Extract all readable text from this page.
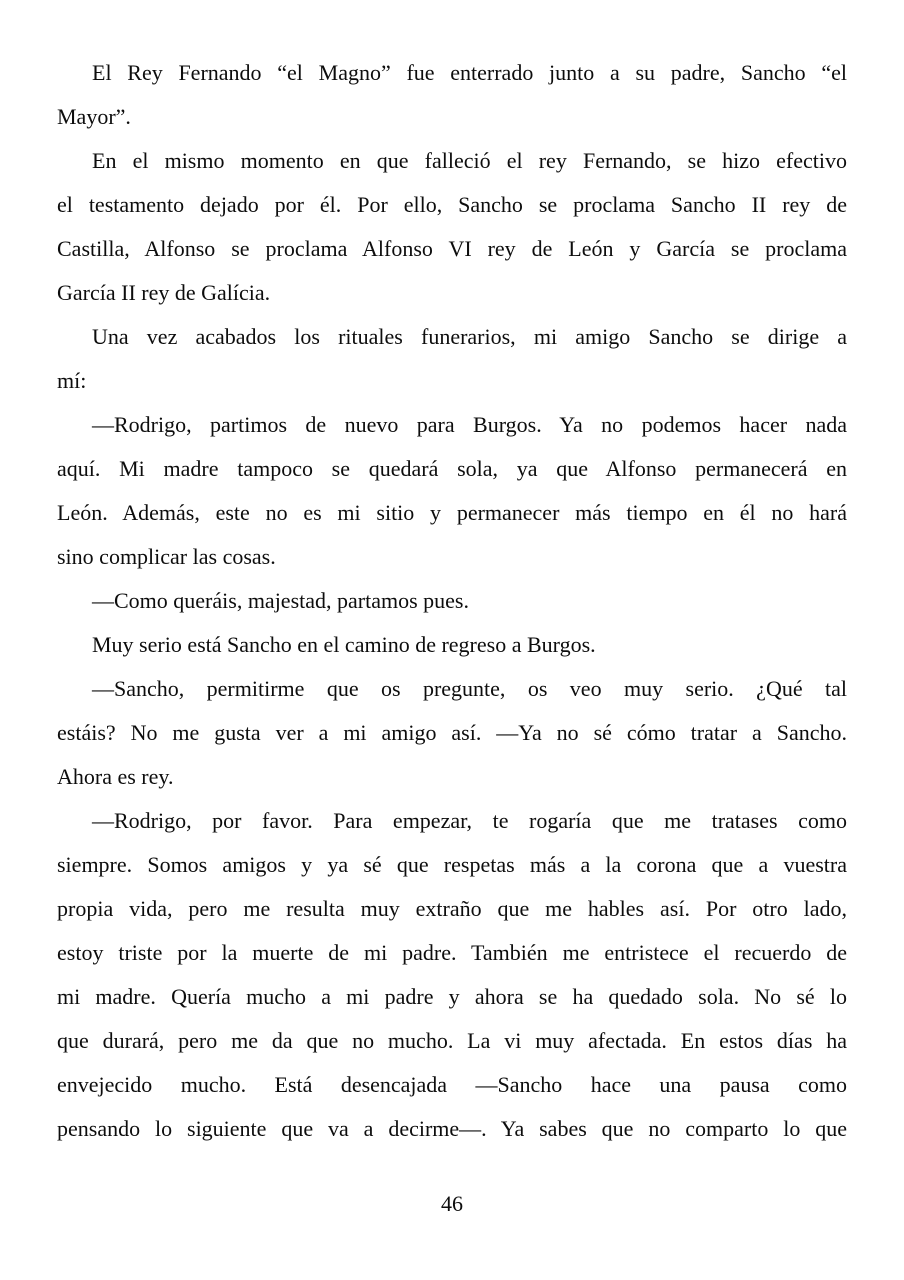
El Rey Fernando “el Magno” fue enterrado junto a su padre, Sancho “el
Mayor”.
En el mismo momento en que falleció el rey Fernando, se hizo efectivo
el testamento dejado por él. Por ello, Sancho se proclama Sancho II rey de
Castilla, Alfonso se proclama Alfonso VI rey de León y García se proclama
García II rey de Galícia.
Una vez acabados los rituales funerarios, mi amigo Sancho se dirige a
mí:
—Rodrigo, partimos de nuevo para Burgos. Ya no podemos hacer nada
aquí. Mi madre tampoco se quedará sola, ya que Alfonso permanecerá en
León. Además, este no es mi sitio y permanecer más tiempo en él no hará
sino complicar las cosas.
—Como queráis, majestad, partamos pues.
Muy serio está Sancho en el camino de regreso a Burgos.
—Sancho, permitirme que os pregunte, os veo muy serio. ¿Qué tal
estáis? No me gusta ver a mi amigo así. —Ya no sé cómo tratar a Sancho.
Ahora es rey.
—Rodrigo, por favor. Para empezar, te rogaría que me tratases como
siempre. Somos amigos y ya sé que respetas más a la corona que a vuestra
propia vida, pero me resulta muy extraño que me hables así. Por otro lado,
estoy triste por la muerte de mi padre. También me entristece el recuerdo de
mi madre. Quería mucho a mi padre y ahora se ha quedado sola. No sé lo
que durará, pero me da que no mucho. La vi muy afectada. En estos días ha
envejecido mucho. Está desencajada —Sancho hace una pausa como
pensando lo siguiente que va a decirme—. Ya sabes que no comparto lo que
46
